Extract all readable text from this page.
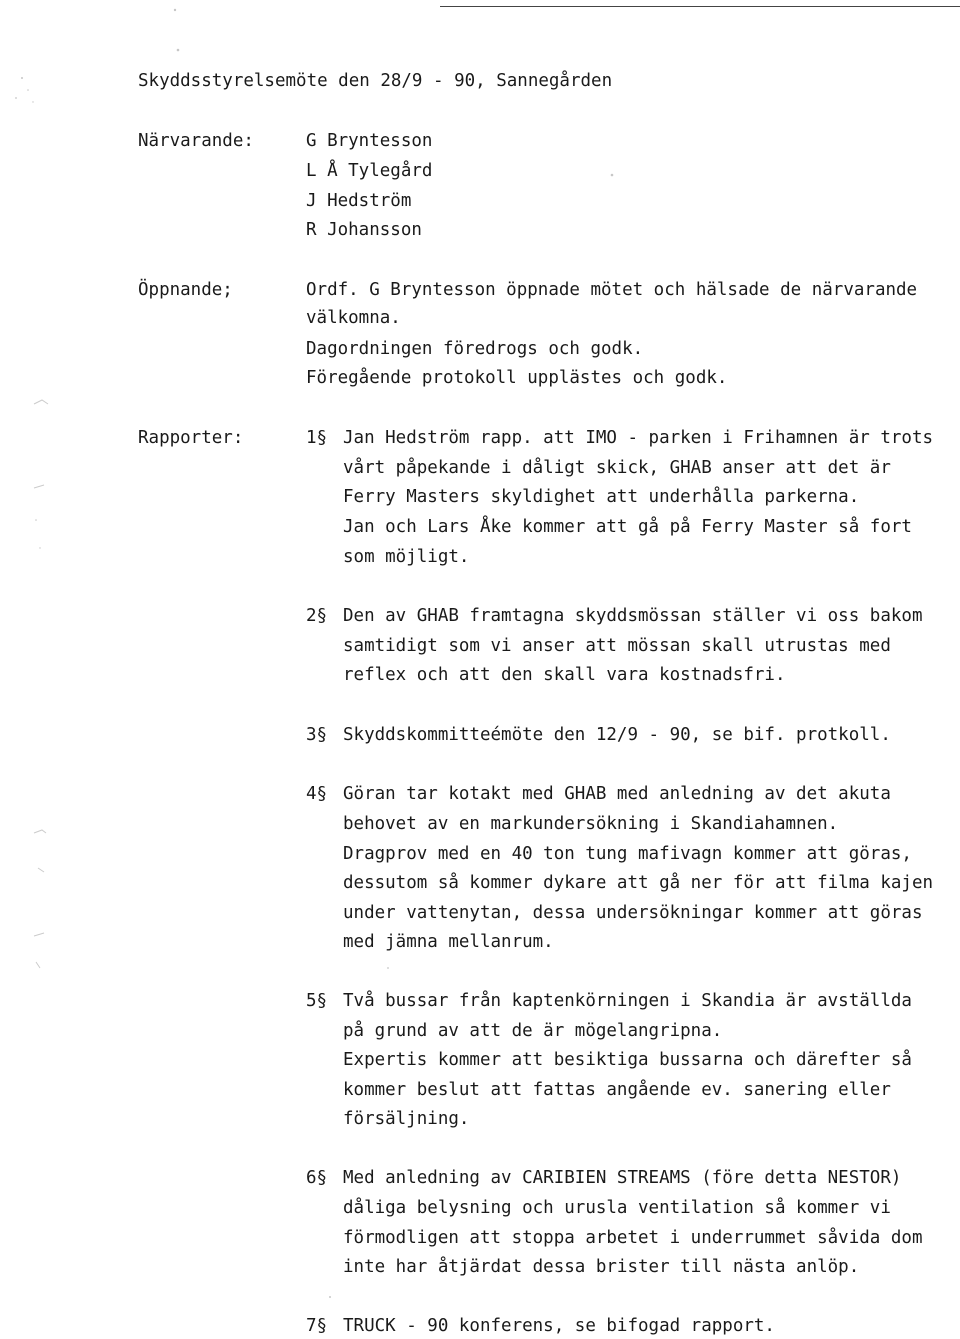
Skyddsstyrelsemöte den 28/9 - 90, Sannegården
Närvarande:	G Bryntesson
L Å Tylegård
J Hedström
R Johansson
Öppnande;	Ordf. G Bryntesson öppnade mötet och hälsade de närvarande
välkomna.
Dagordningen föredrogs och godk.
Föregående protokoll upplästes och godk.
Rapporter:	1§ Jan Hedström rapp. att IMO - parken i Frihamnen är trots
vårt påpekande i dåligt skick, GHAB anser att det är
Ferry Masters skyldighet att underhålla parkerna.
Jan och Lars Åke kommer att gå på Ferry Master så fort
som möjligt.
2§ Den av GHAB framtagna skyddsmössan ställer vi oss bakom
samtidigt som vi anser att mössan skall utrustas med
reflex och att den skall vara kostnadsfri.
3§ Skyddskommitteémöte den 12/9 - 90, se bif. protkoll.
4§ Göran tar kotakt med GHAB med anledning av det akuta
behovet av en markundersökning i Skandiahamnen.
Dragprov med en 40 ton tung mafivagn kommer att göras,
dessutom så kommer dykare att gå ner för att filma kajen
under vattenytan, dessa undersökningar kommer att göras
med jämna mellanrum.
5§ Två bussar från kaptenkörningen i Skandia är avställda
på grund av att de är mögelangripna.
Expertis kommer att besiktiga bussarna och därefter så
kommer beslut att fattas angående ev. sanering eller
försäljning.
6§ Med anledning av CARIBIEN STREAMS (före detta NESTOR)
dåliga belysning och urusla ventilation så kommer vi
förmodligen att stoppa arbetet i underrummet såvida dom
inte har åtjärdat dessa brister till nästa anlöp.
7§ TRUCK - 90 konferens, se bifogad rapport.
